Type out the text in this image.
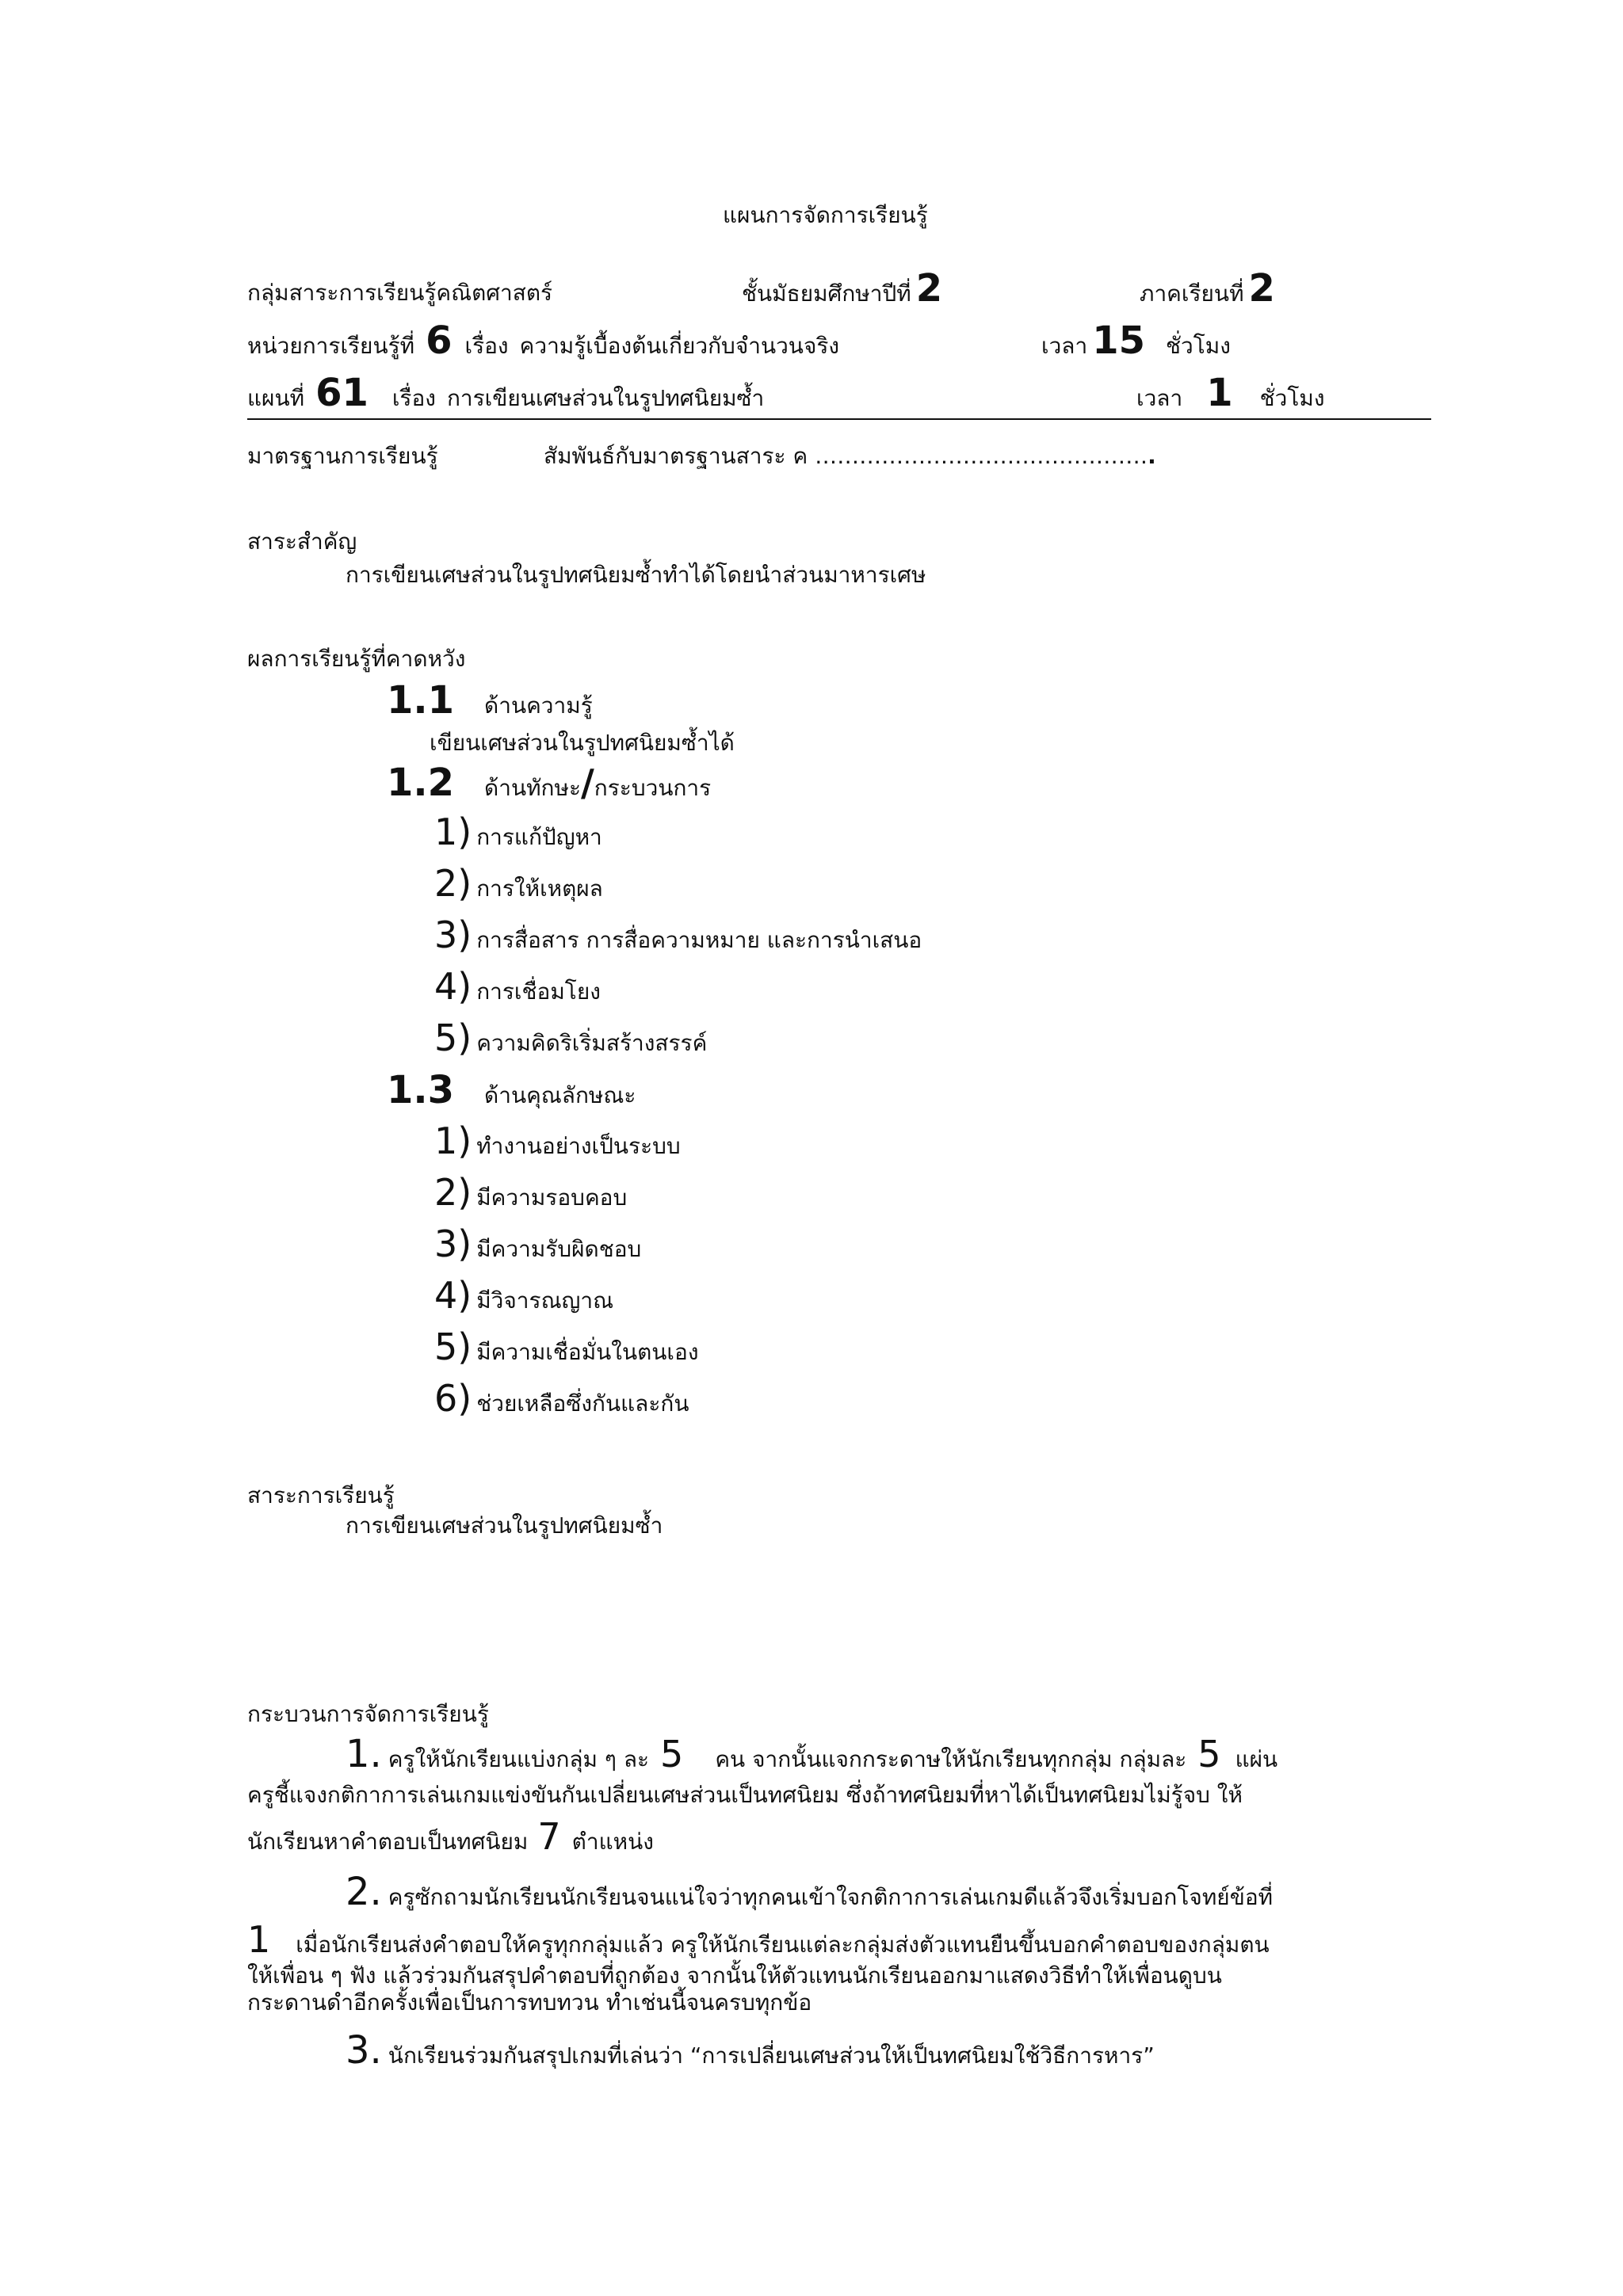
แผนการจัดการเรียนรู้
กลุ่มสาระการเรียนรู้คณิตศาสตร์	ชั้นมัธยมศึกษาปีที่ 2	ภาคเรียนที่ 2
หน่วยการเรียนรู้ที่ 6 เรื่อง ความรู้เบื้องต้นเกี่ยวกับจำนวนจริง	เวลา 15 ชั่วโมง
แผนที่ 61 เรื่อง การเขียนเศษส่วนในรูปทศนิยมซ้ำ	เวลา 1 ชั่วโมง
มาตรฐานการเรียนรู้	สัมพันธ์กับมาตรฐานสาระ ค ……………………………………… .
สาระสำคัญ
การเขียนเศษส่วนในรูปทศนิยมซ้ำทำได้โดยนำส่วนมาหารเศษ
ผลการเรียนรู้ที่คาดหวัง
1.1 ด้านความรู้
เขียนเศษส่วนในรูปทศนิยมซ้ำได้
1.2 ด้านทักษะ / กระบวนการ
1) การแก้ปัญหา
2) การให้เหตุผล
3) การสื่อสาร การสื่อความหมาย และการนำเสนอ
4) การเชื่อมโยง
5) ความคิดริเริ่มสร้างสรรค์
1.3 ด้านคุณลักษณะ
1) ทำงานอย่างเป็นระบบ
2) มีความรอบคอบ
3) มีความรับผิดชอบ
4) มีวิจารณญาณ
5) มีความเชื่อมั่นในตนเอง
6) ช่วยเหลือซึ่งกันและกัน
สาระการเรียนรู้
การเขียนเศษส่วนในรูปทศนิยมซ้ำ
กระบวนการจัดการเรียนรู้
1. ครูให้นักเรียนแบ่งกลุ่ม ๆ ละ 5 คน จากนั้นแจกกระดาษให้นักเรียนทุกกลุ่ม กลุ่มละ 5 แผ่น
ครูชี้แจงกติกาการเล่นเกมแข่งขันกันเปลี่ยนเศษส่วนเป็นทศนิยม ซึ่งถ้าทศนิยมที่หาได้เป็นทศนิยมไม่รู้จบ ให้
นักเรียนหาคำตอบเป็นทศนิยม 7 ตำแหน่ง
2. ครูซักถามนักเรียนนักเรียนจนแน่ใจว่าทุกคนเข้าใจกติกาการเล่นเกมดีแล้วจึงเริ่มบอกโจทย์ข้อที่
1 เมื่อนักเรียนส่งคำตอบให้ครูทุกกลุ่มแล้ว ครูให้นักเรียนแต่ละกลุ่มส่งตัวแทนยืนขึ้นบอกคำตอบของกลุ่มตน
ให้เพื่อน ๆ ฟัง แล้วร่วมกันสรุปคำตอบที่ถูกต้อง จากนั้นให้ตัวแทนนักเรียนออกมาแสดงวิธีทำให้เพื่อนดูบน
กระดานดำอีกครั้งเพื่อเป็นการทบทวน ทำเช่นนี้จนครบทุกข้อ
3. นักเรียนร่วมกันสรุปเกมที่เล่นว่า “การเปลี่ยนเศษส่วนให้เป็นทศนิยมใช้วิธีการหาร”
